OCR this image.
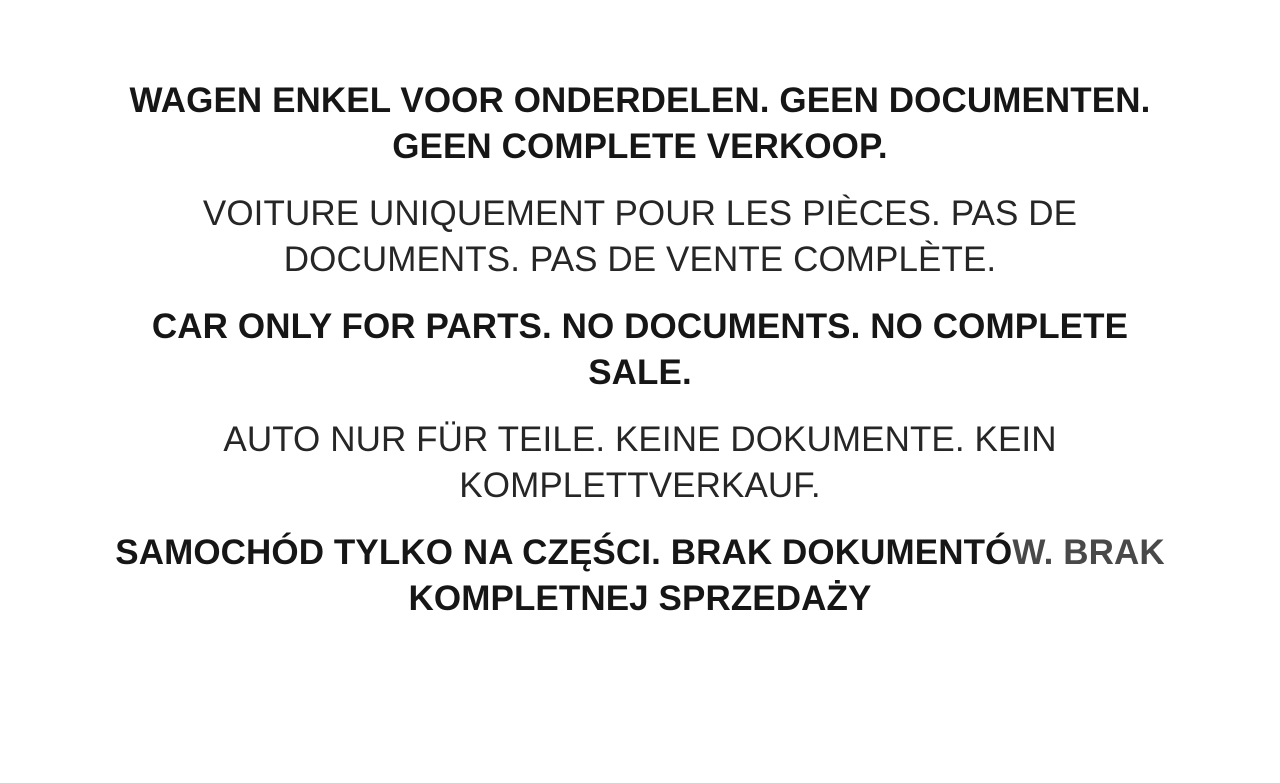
WAGEN ENKEL VOOR ONDERDELEN. GEEN DOCUMENTEN.
GEEN COMPLETE VERKOOP.
VOITURE UNIQUEMENT POUR LES PIÈCES. PAS DE
DOCUMENTS. PAS DE VENTE COMPLÈTE.
CAR ONLY FOR PARTS. NO DOCUMENTS. NO COMPLETE
SALE.
AUTO NUR FÜR TEILE. KEINE DOKUMENTE. KEIN
KOMPLETTVERKAUF.
SAMOCHÓD TYLKO NA CZĘŚCI. BRAK DOKUMENTÓW. BRAK
KOMPLETNEJ SPRZEDAŻY
